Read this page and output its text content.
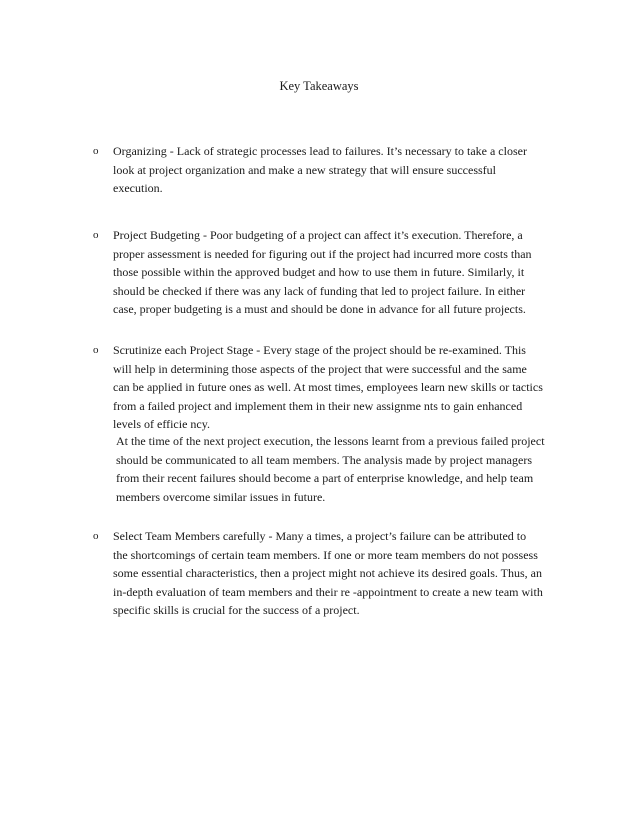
Key Takeaways
o	Organizing - Lack of strategic processes lead to failures. It’s necessary to take a closer
look at project organization and make a new strategy that will ensure successful
execution.
o	Project Budgeting - Poor budgeting of a project can affect it’s execution. Therefore, a
proper assessment is needed for figuring out if the project had incurred more costs than
those possible within the approved budget and how to use them in future. Similarly, it
should be checked if there was any lack of funding that led to project failure. In either
case, proper budgeting is a must and should be done in advance for all future projects.
o	Scrutinize each Project Stage - Every stage of the project should be re-examined. This
will help in determining those aspects of the project that were successful and the same
can be applied in future ones as well. At most times, employees learn new skills or tactics
from a failed project and implement them in their new assignme nts to gain enhanced
levels of efficie ncy.
At the time of the next project execution, the lessons learnt from a previous failed project
should be communicated to all team members. The analysis made by project managers
from their recent failures should become a part of enterprise knowledge, and help team
members overcome similar issues in future.
o	Select Team Members carefully - Many a times, a project’s failure can be attributed to
the shortcomings of certain team members. If one or more team members do not possess
some essential characteristics, then a project might not achieve its desired goals. Thus, an
in-depth evaluation of team members and their re -appointment to create a new team with
specific skills is crucial for the success of a project.
